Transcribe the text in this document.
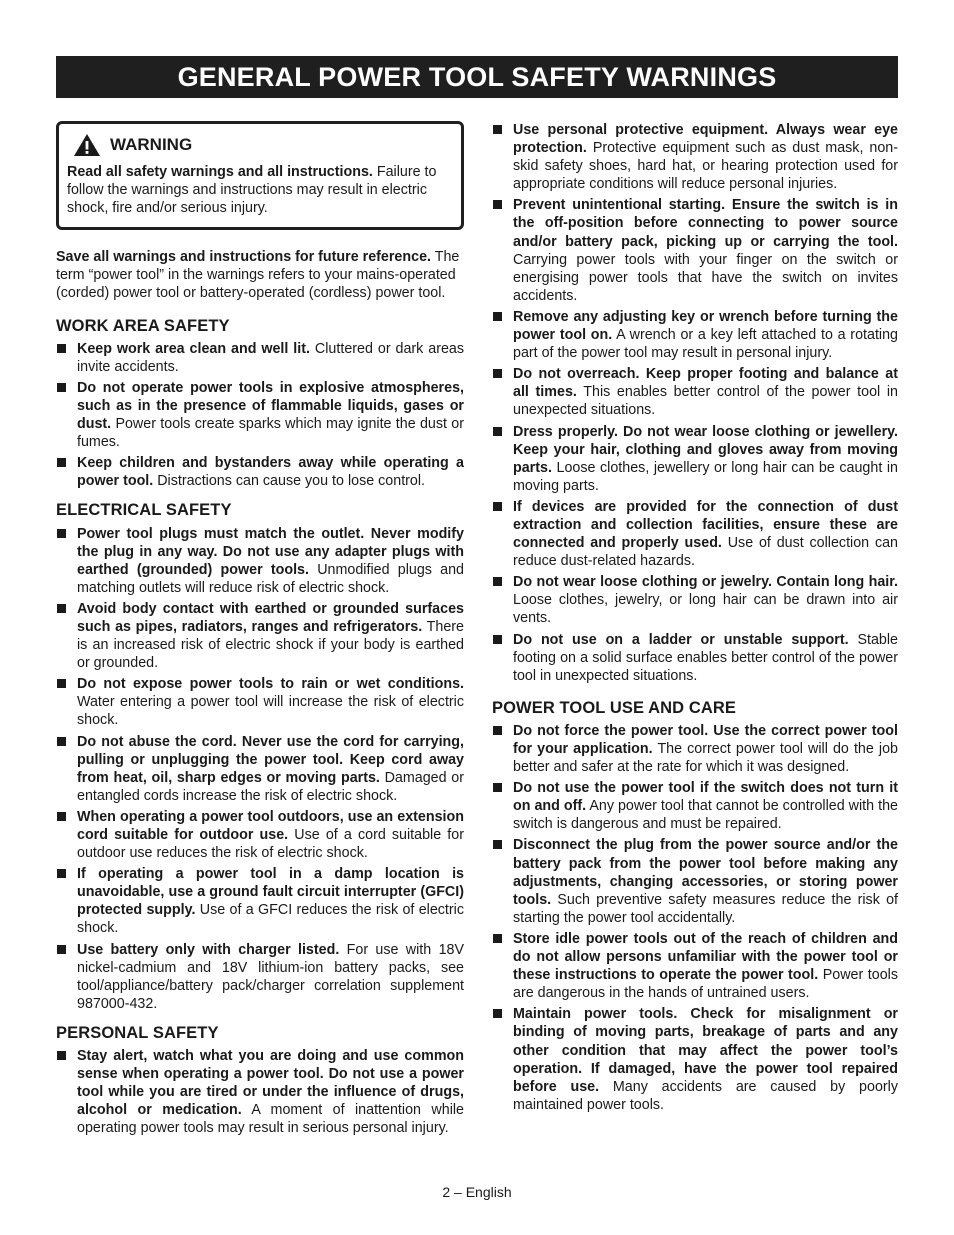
GENERAL POWER TOOL SAFETY WARNINGS
WARNING
Read all safety warnings and all instructions. Failure to follow the warnings and instructions may result in electric shock, fire and/or serious injury.

Save all warnings and instructions for future reference. The term “power tool” in the warnings refers to your mains-operated (corded) power tool or battery-operated (cordless) power tool.

WORK AREA SAFETY
Keep work area clean and well lit. Cluttered or dark areas invite accidents.
Do not operate power tools in explosive atmospheres, such as in the presence of flammable liquids, gases or dust. Power tools create sparks which may ignite the dust or fumes.
Keep children and bystanders away while operating a power tool. Distractions can cause you to lose control.
ELECTRICAL SAFETY
Power tool plugs must match the outlet. Never modify the plug in any way. Do not use any adapter plugs with earthed (grounded) power tools. Unmodified plugs and matching outlets will reduce risk of electric shock.
Avoid body contact with earthed or grounded surfaces such as pipes, radiators, ranges and refrigerators. There is an increased risk of electric shock if your body is earthed or grounded.
Do not expose power tools to rain or wet conditions. Water entering a power tool will increase the risk of electric shock.
Do not abuse the cord. Never use the cord for carrying, pulling or unplugging the power tool. Keep cord away from heat, oil, sharp edges or moving parts. Damaged or entangled cords increase the risk of electric shock.
When operating a power tool outdoors, use an extension cord suitable for outdoor use. Use of a cord suitable for outdoor use reduces the risk of electric shock.
If operating a power tool in a damp location is unavoidable, use a ground fault circuit interrupter (GFCI) protected supply. Use of a GFCI reduces the risk of electric shock.
Use battery only with charger listed. For use with 18V nickel-cadmium and 18V lithium-ion battery packs, see tool/appliance/battery pack/charger correlation supplement 987000-432.
PERSONAL SAFETY
Stay alert, watch what you are doing and use common sense when operating a power tool. Do not use a power tool while you are tired or under the influence of drugs, alcohol or medication. A moment of inattention while operating power tools may result in serious personal injury.
Use personal protective equipment. Always wear eye protection. Protective equipment such as dust mask, non-skid safety shoes, hard hat, or hearing protection used for appropriate conditions will reduce personal injuries.
Prevent unintentional starting. Ensure the switch is in the off-position before connecting to power source and/or battery pack, picking up or carrying the tool. Carrying power tools with your finger on the switch or energising power tools that have the switch on invites accidents.
Remove any adjusting key or wrench before turning the power tool on. A wrench or a key left attached to a rotating part of the power tool may result in personal injury.
Do not overreach. Keep proper footing and balance at all times. This enables better control of the power tool in unexpected situations.
Dress properly. Do not wear loose clothing or jewellery. Keep your hair, clothing and gloves away from moving parts. Loose clothes, jewellery or long hair can be caught in moving parts.
If devices are provided for the connection of dust extraction and collection facilities, ensure these are connected and properly used. Use of dust collection can reduce dust-related hazards.
Do not wear loose clothing or jewelry. Contain long hair. Loose clothes, jewelry, or long hair can be drawn into air vents.
Do not use on a ladder or unstable support. Stable footing on a solid surface enables better control of the power tool in unexpected situations.
POWER TOOL USE AND CARE
Do not force the power tool. Use the correct power tool for your application. The correct power tool will do the job better and safer at the rate for which it was designed.
Do not use the power tool if the switch does not turn it on and off. Any power tool that cannot be controlled with the switch is dangerous and must be repaired.
Disconnect the plug from the power source and/or the battery pack from the power tool before making any adjustments, changing accessories, or storing power tools. Such preventive safety measures reduce the risk of starting the power tool accidentally.
Store idle power tools out of the reach of children and do not allow persons unfamiliar with the power tool or these instructions to operate the power tool. Power tools are dangerous in the hands of untrained users.
Maintain power tools. Check for misalignment or binding of moving parts, breakage of parts and any other condition that may affect the power tool’s operation. If damaged, have the power tool repaired before use. Many accidents are caused by poorly maintained power tools.
2 – English
